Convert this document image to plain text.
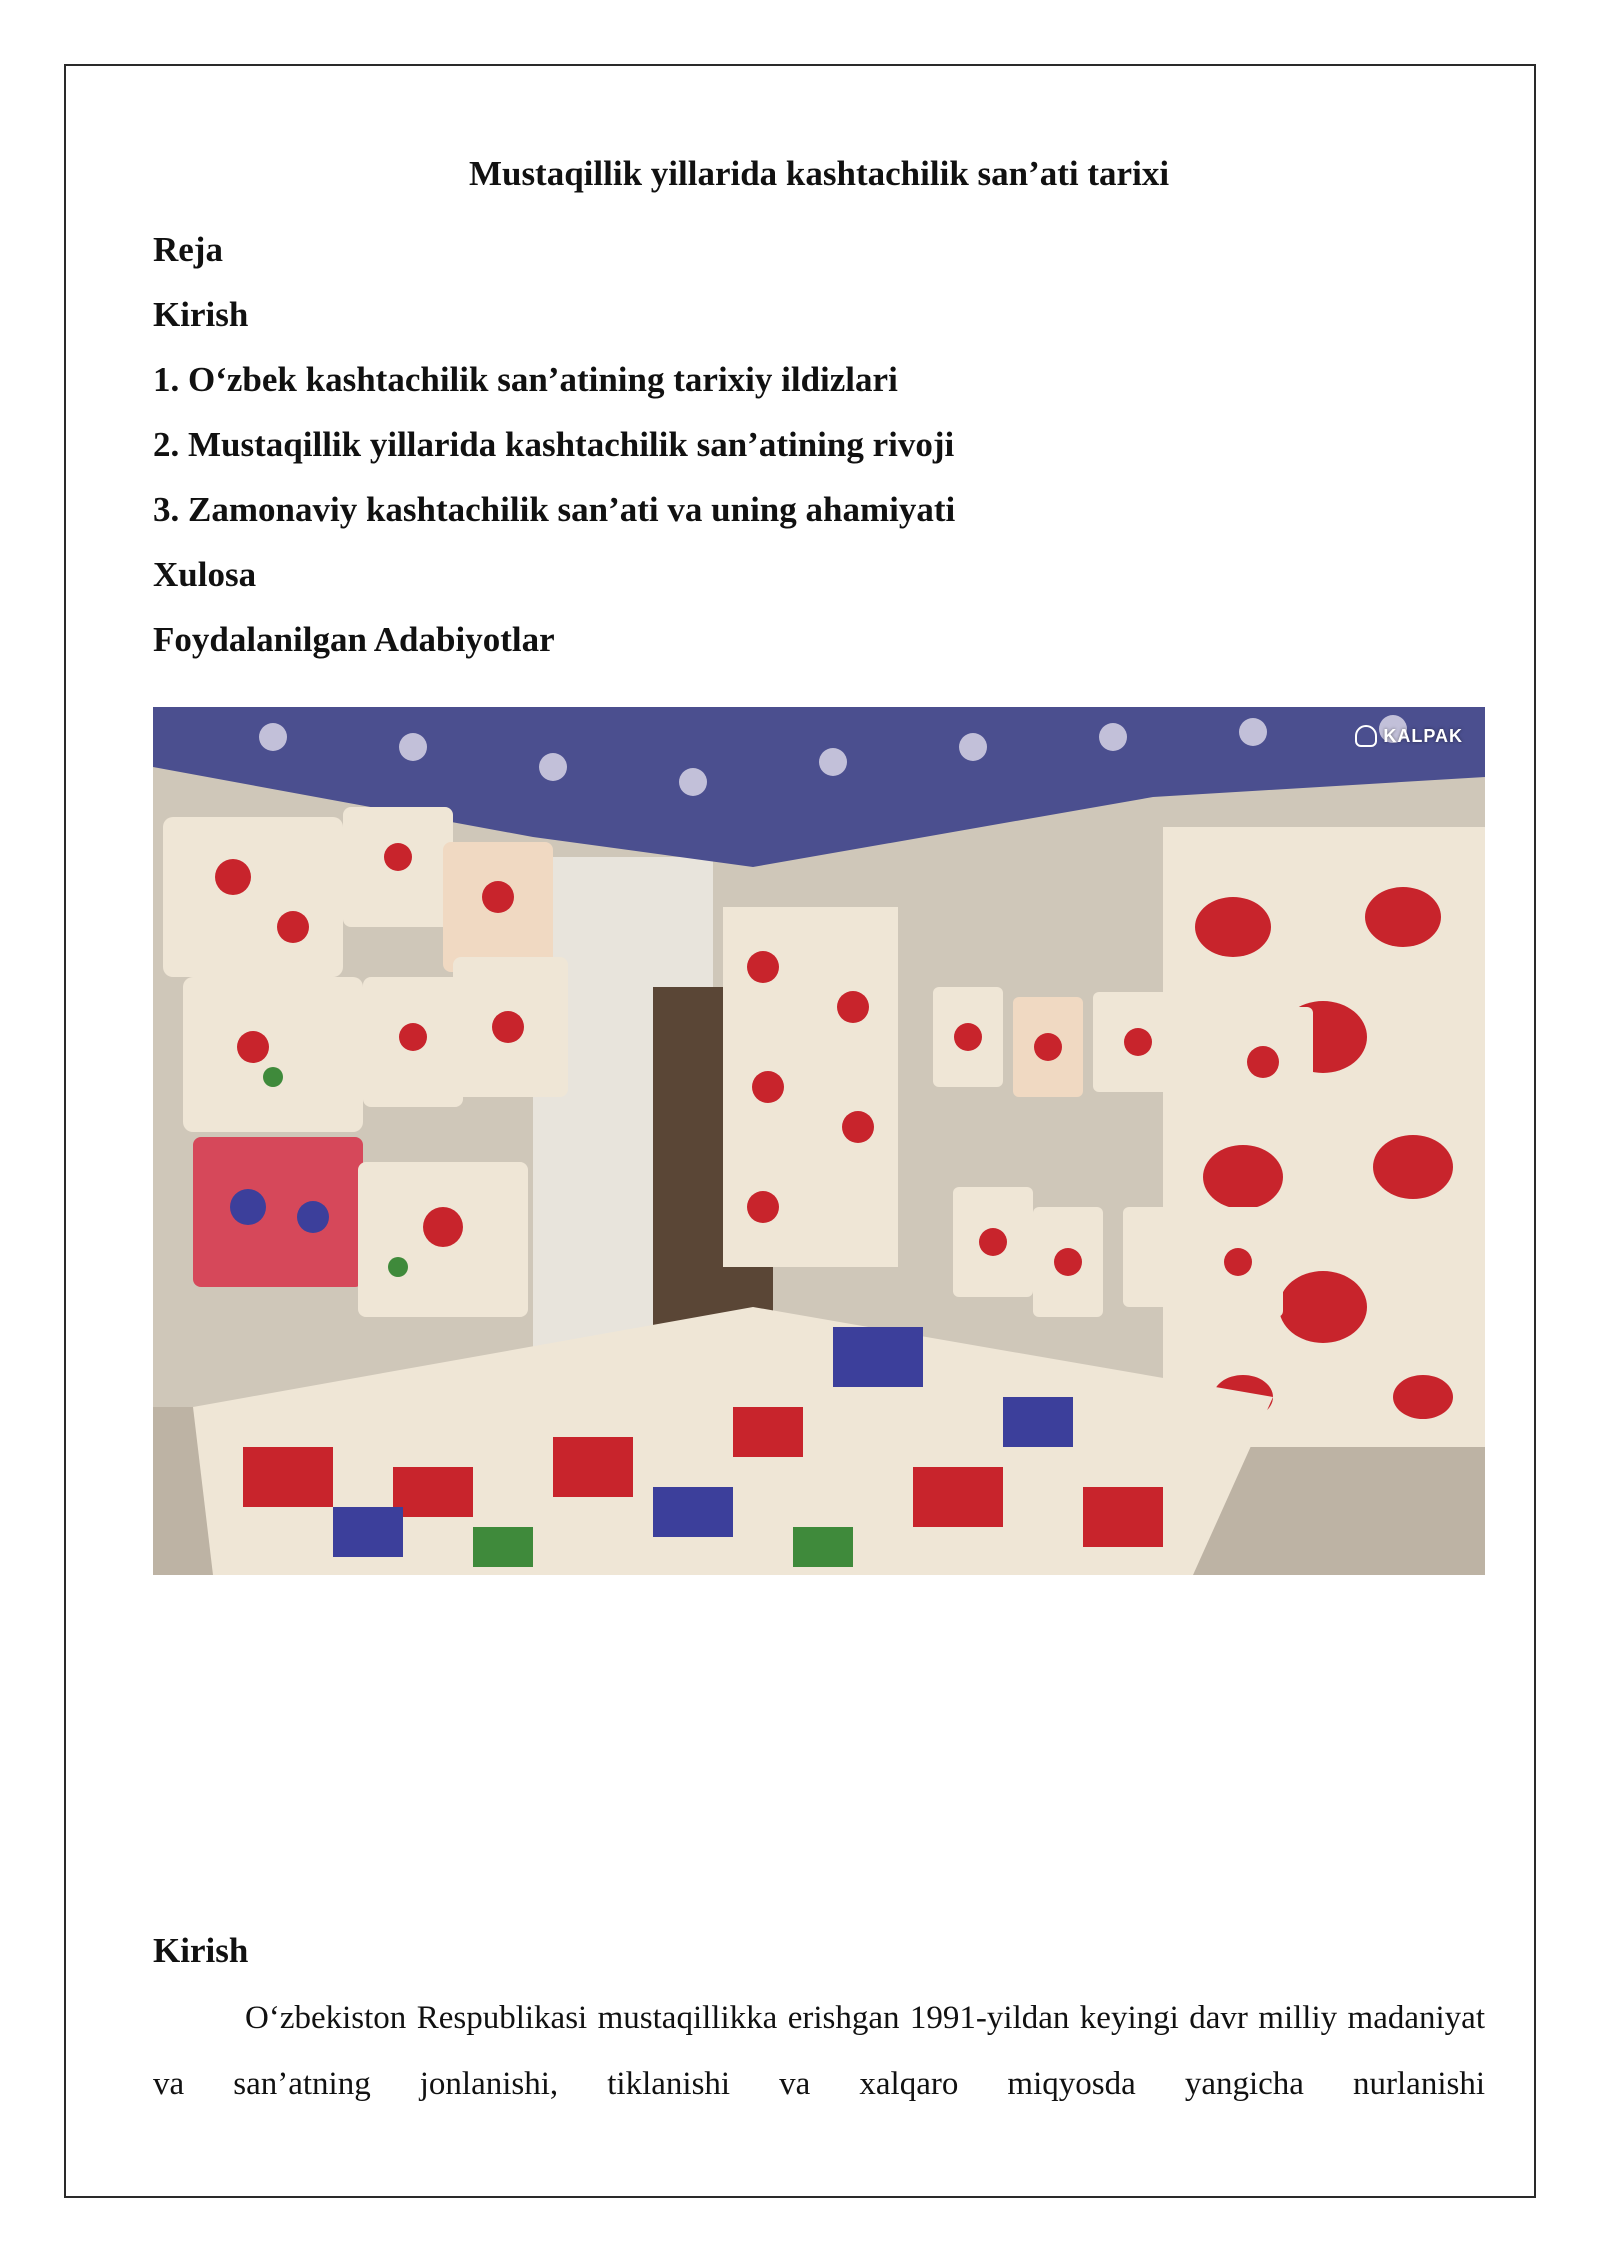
Mustaqillik yillarida kashtachilik san’ati tarixi
Reja
Kirish
1. O‘zbek kashtachilik san’atining tarixiy ildizlari
2. Mustaqillik yillarida kashtachilik san’atining rivoji
3. Zamonaviy kashtachilik san’ati va uning ahamiyati
Xulosa
Foydalanilgan Adabiyotlar
KALPAK
Kirish

O‘zbekiston Respublikasi mustaqillikka erishgan 1991-yildan keyingi davr milliy madaniyat va san’atning jonlanishi, tiklanishi va xalqaro miqyosda yangicha nurlanishi
